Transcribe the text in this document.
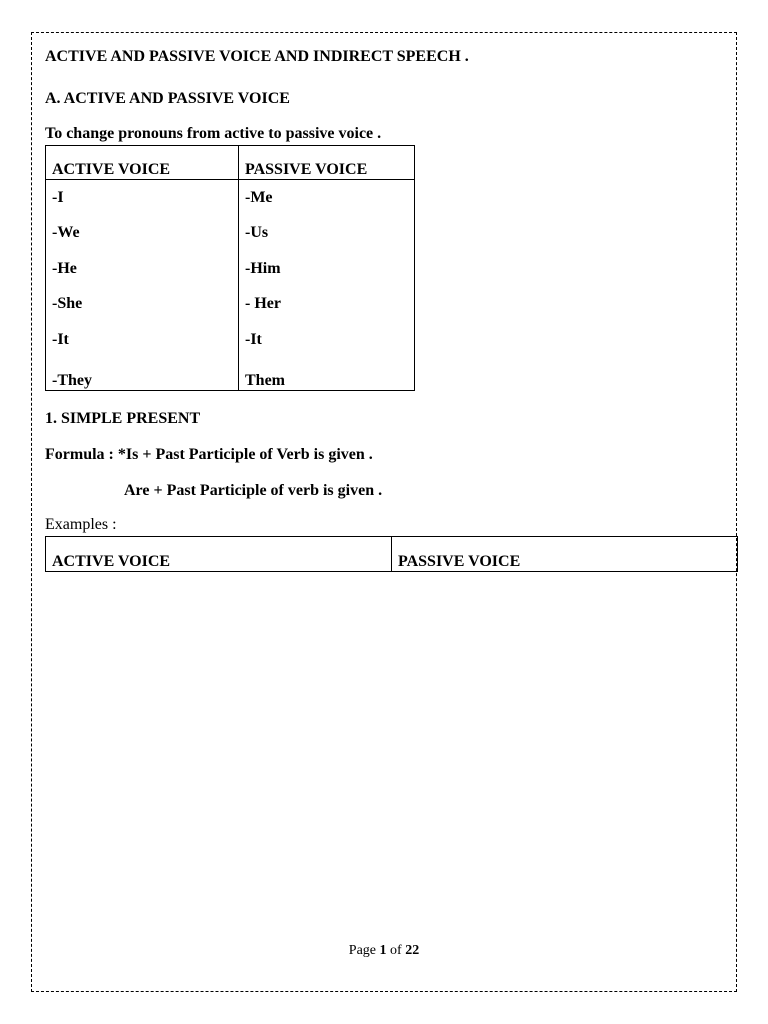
ACTIVE AND PASSIVE VOICE AND INDIRECT SPEECH .
A. ACTIVE AND PASSIVE VOICE
To change pronouns from active to passive voice .
ACTIVE VOICE	PASSIVE VOICE
-I	-Me
-We	-Us
-He	-Him
-She	- Her
-It	-It
-They	Them
1. SIMPLE PRESENT
Formula : *Is + Past Participle of Verb is given .
Are + Past Participle of verb is given .
Examples :
ACTIVE VOICE	PASSIVE VOICE
Page 1 of 22
